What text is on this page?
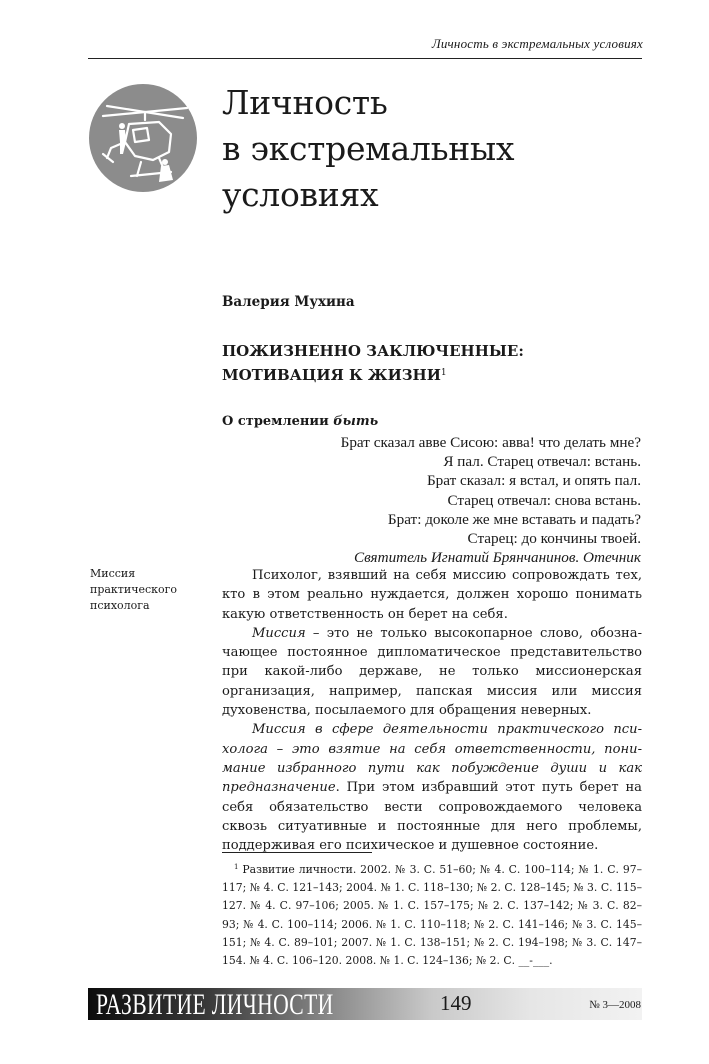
Личность в экстремальных условиях
Личность
в экстремальных
условиях
Валерия Мухина
ПОЖИЗНЕННО ЗАКЛЮЧЕННЫЕ:
МОТИВАЦИЯ К ЖИЗНИ$^1$
О стремлении быть
Брат сказал авве Сисою: авва! что делать мне?
Я пал. Старец отвечал: встань.
Брат сказал: я встал, и опять пал.
Старец отвечал: снова встань.
Брат: доколе же мне вставать и падать?
Старец: до кончины твоей.
Святитель Игнатий Брянчанинов. Отечник
Миссия
практического
психолога

Психолог, взявший на себя миссию сопровождать тех, кто в этом реально нуждается, должен хорошо понимать какую ответственность он берет на себя.

Миссия – это не только высокопарное слово, обозначающее постоянное дипломатическое представительство при какой-либо державе, не только миссионерская организация, например, папская миссия или миссия духовенства, посылаемого для обращения неверных.

Миссия в сфере деятельности практического психолога – это взятие на себя ответственности, понимание избранного пути как побуждение души и как предназначение. При этом избравший этот путь берет на себя обязательство вести сопровождаемого человека сквозь ситуативные и постоянные для него проблемы, поддерживая его психическое и душевное состояние.

$^1$ Развитие личности. 2002. № 3. С. 51–60; № 4. С. 100–114; № 1. С. 97–117; № 4. С. 121–143; 2004. № 1. С. 118–130; № 2. С. 128–145; № 3. С. 115–127. № 4. С. 97–106; 2005. № 1. С. 157–175; № 2. С. 137–142; № 3. С. 82–93; № 4. С. 100–114; 2006. № 1. С. 110–118; № 2. С. 141–146; № 3. С. 145–151; № 4. С. 89–101; 2007. № 1. С. 138–151; № 2. С. 194–198; № 3. С. 147–154. № 4. С. 106–120. 2008. № 1. С. 124–136; № 2. С. __-___.
РАЗВИТИЕ ЛИЧНОСТИ	149	№ 3—2008
